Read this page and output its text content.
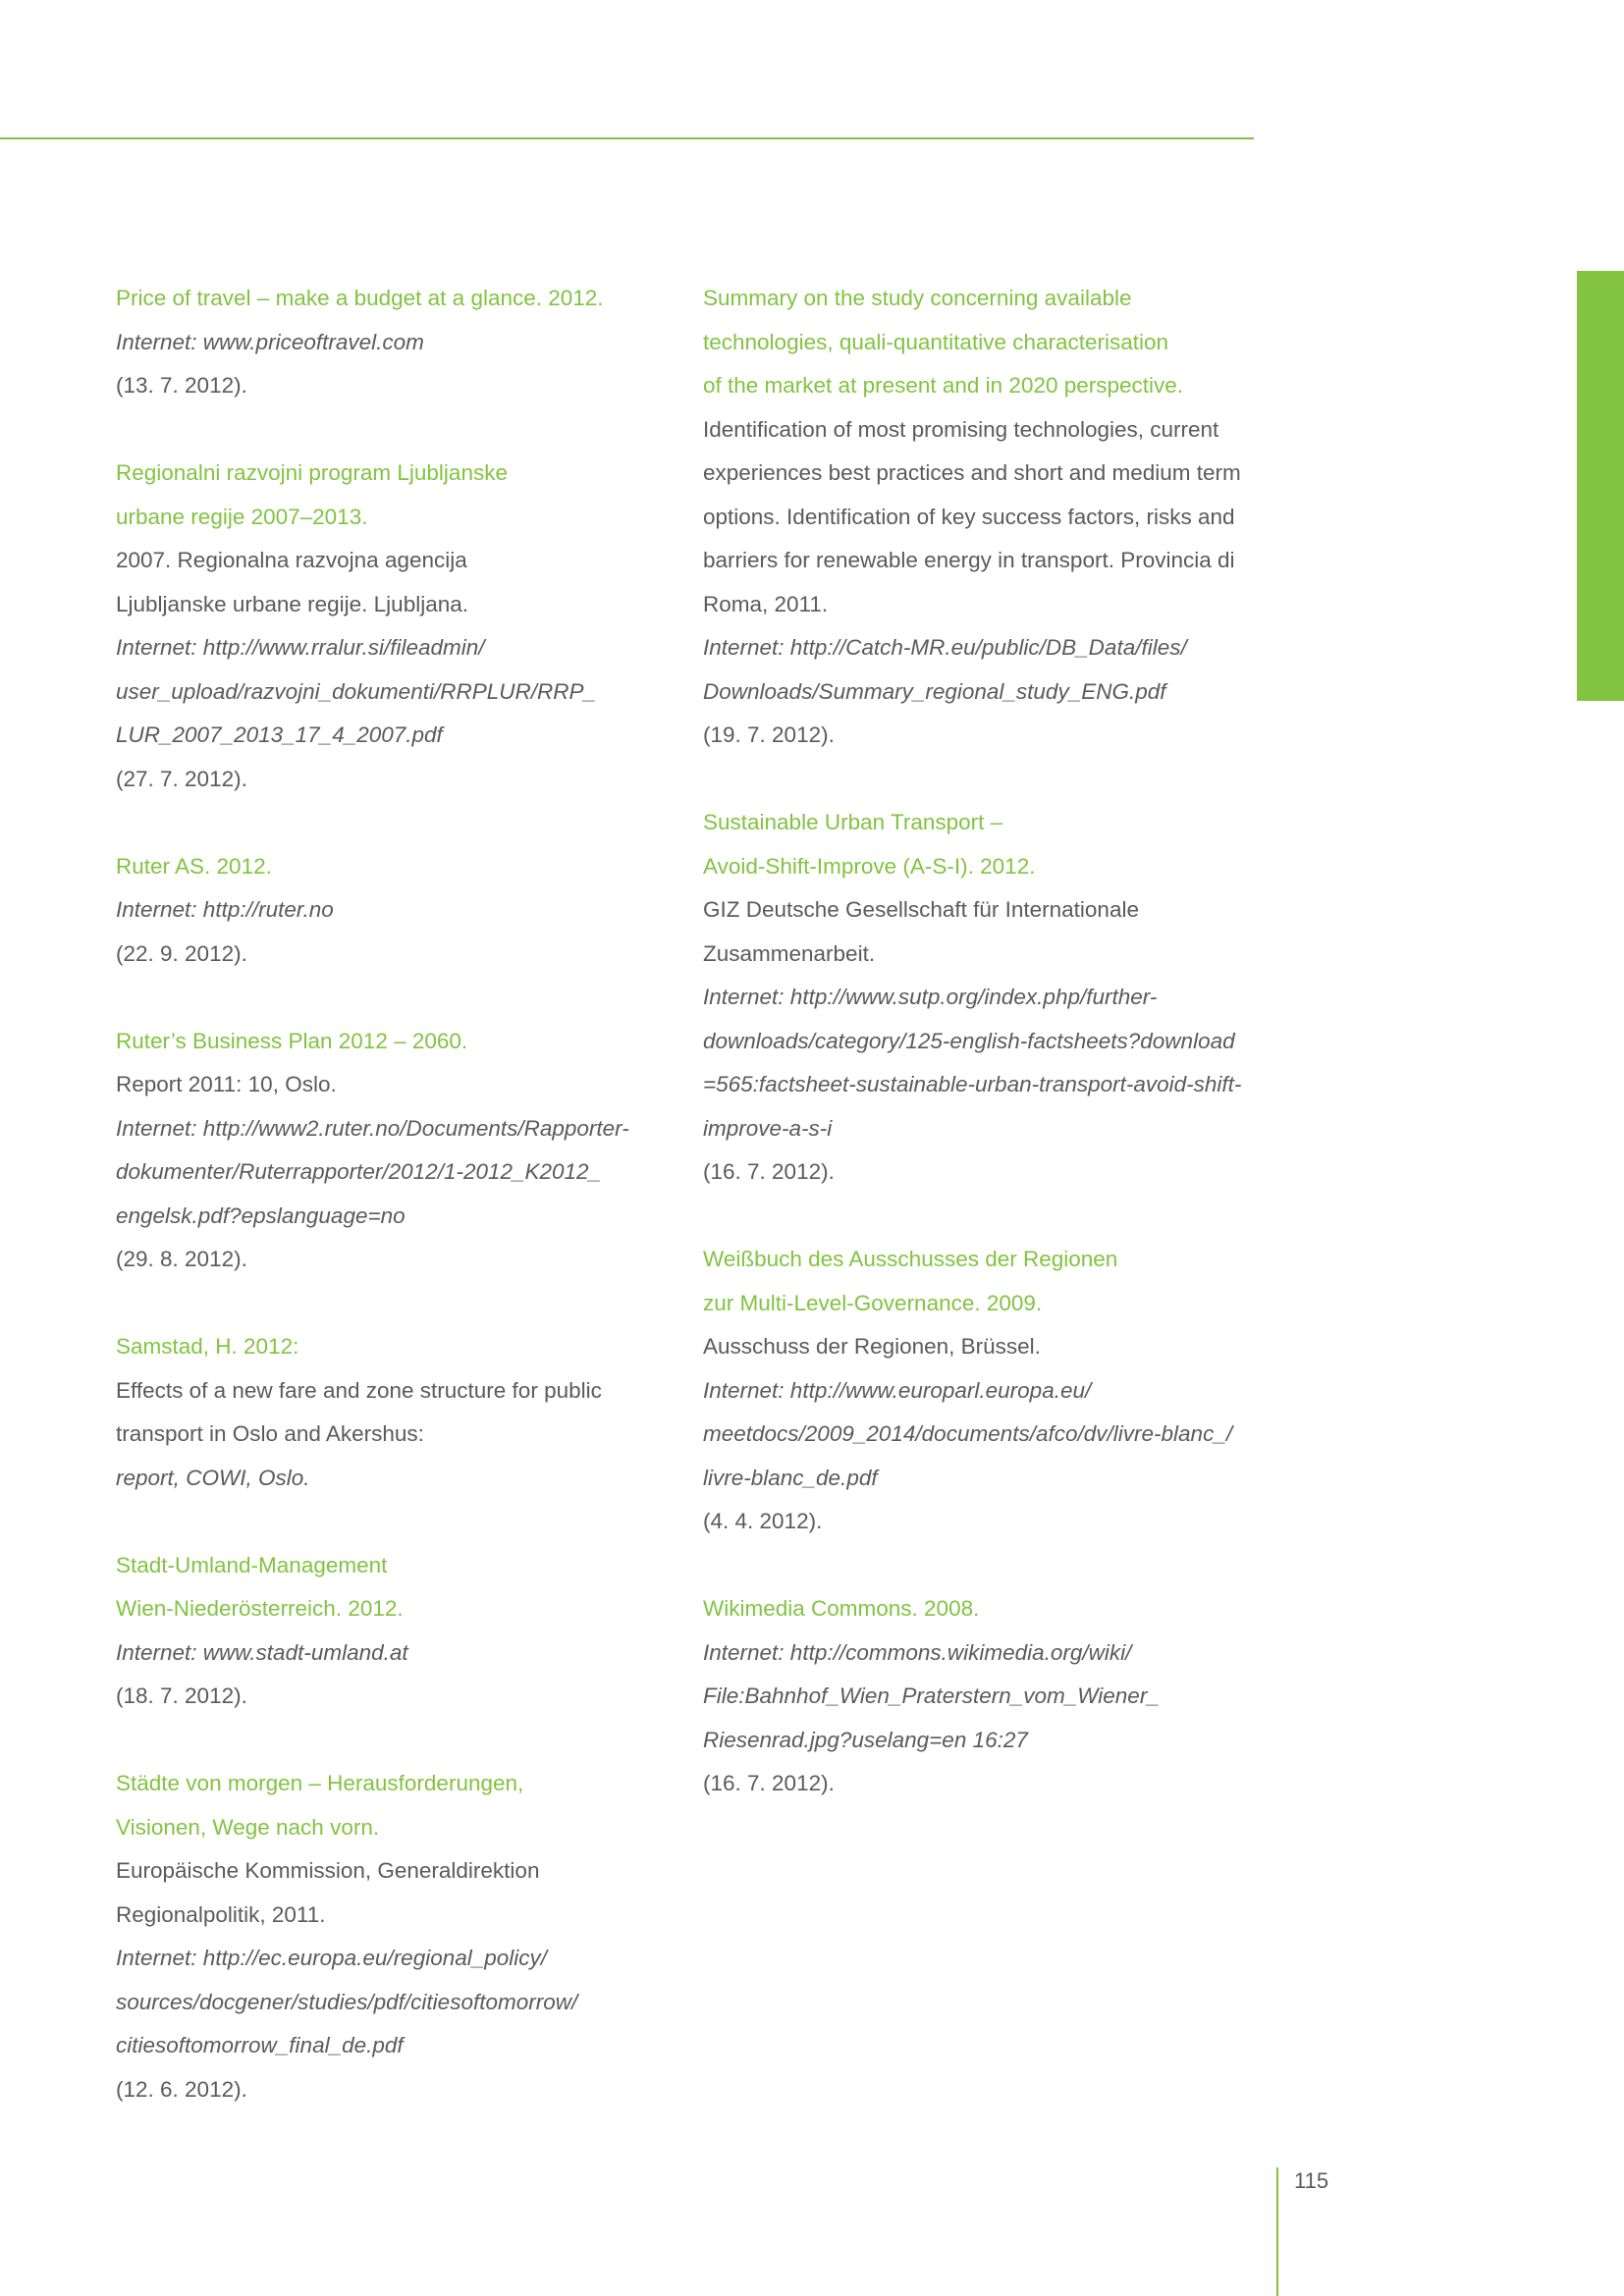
Price of travel – make a budget at a glance. 2012.

Internet: www.priceoftravel.com

(13. 7. 2012).

Regionalni razvojni program Ljubljanske

urbane regije 2007–2013.

2007. Regionalna razvojna agencija

Ljubljanske urbane regije. Ljubljana.

Internet: http://www.rralur.si/fileadmin/

user_upload/razvojni_dokumenti/RRPLUR/RRP_

LUR_2007_2013_17_4_2007.pdf

(27. 7. 2012).

Ruter AS. 2012.

Internet: http://ruter.no

(22. 9. 2012).

Ruter’s Business Plan 2012 – 2060.

Report 2011: 10, Oslo.

Internet: http://www2.ruter.no/Documents/Rapporter-

dokumenter/Ruterrapporter/2012/1-2012_K2012_

engelsk.pdf?epslanguage=no

(29. 8. 2012).

Samstad, H. 2012:

Effects of a new fare and zone structure for public

transport in Oslo and Akershus:

report, COWI, Oslo.

Stadt-Umland-Management

Wien-Niederösterreich. 2012.

Internet: www.stadt-umland.at

(18. 7. 2012).

Städte von morgen – Herausforderungen,

Visionen, Wege nach vorn.

Europäische Kommission, Generaldirektion

Regionalpolitik, 2011.

Internet: http://ec.europa.eu/regional_policy/

sources/docgener/studies/pdf/citiesoftomorrow/

citiesoftomorrow_final_de.pdf

(12. 6. 2012).

Summary on the study concerning available

technologies, quali-quantitative characterisation

of the market at present and in 2020 perspective.

Identification of most promising technologies, current

experiences best practices and short and medium term

options. Identification of key success factors, risks and

barriers for renewable energy in transport. Provincia di

Roma, 2011.

Internet: http://Catch-MR.eu/public/DB_Data/files/

Downloads/Summary_regional_study_ENG.pdf

(19. 7. 2012).

Sustainable Urban Transport –

Avoid-Shift-Improve (A-S-I). 2012.

GIZ Deutsche Gesellschaft für Internationale

Zusammenarbeit.

Internet: http://www.sutp.org/index.php/further-

downloads/category/125-english-factsheets?download

=565:factsheet-sustainable-urban-transport-avoid-shift-

improve-a-s-i

(16. 7. 2012).

Weißbuch des Ausschusses der Regionen

zur Multi-Level-Governance. 2009.

Ausschuss der Regionen, Brüssel.

Internet: http://www.europarl.europa.eu/

meetdocs/2009_2014/documents/afco/dv/livre-blanc_/

livre-blanc_de.pdf

(4. 4. 2012).

Wikimedia Commons. 2008.

Internet: http://commons.wikimedia.org/wiki/

File:Bahnhof_Wien_Praterstern_vom_Wiener_

Riesenrad.jpg?uselang=en 16:27

(16. 7. 2012).

115
